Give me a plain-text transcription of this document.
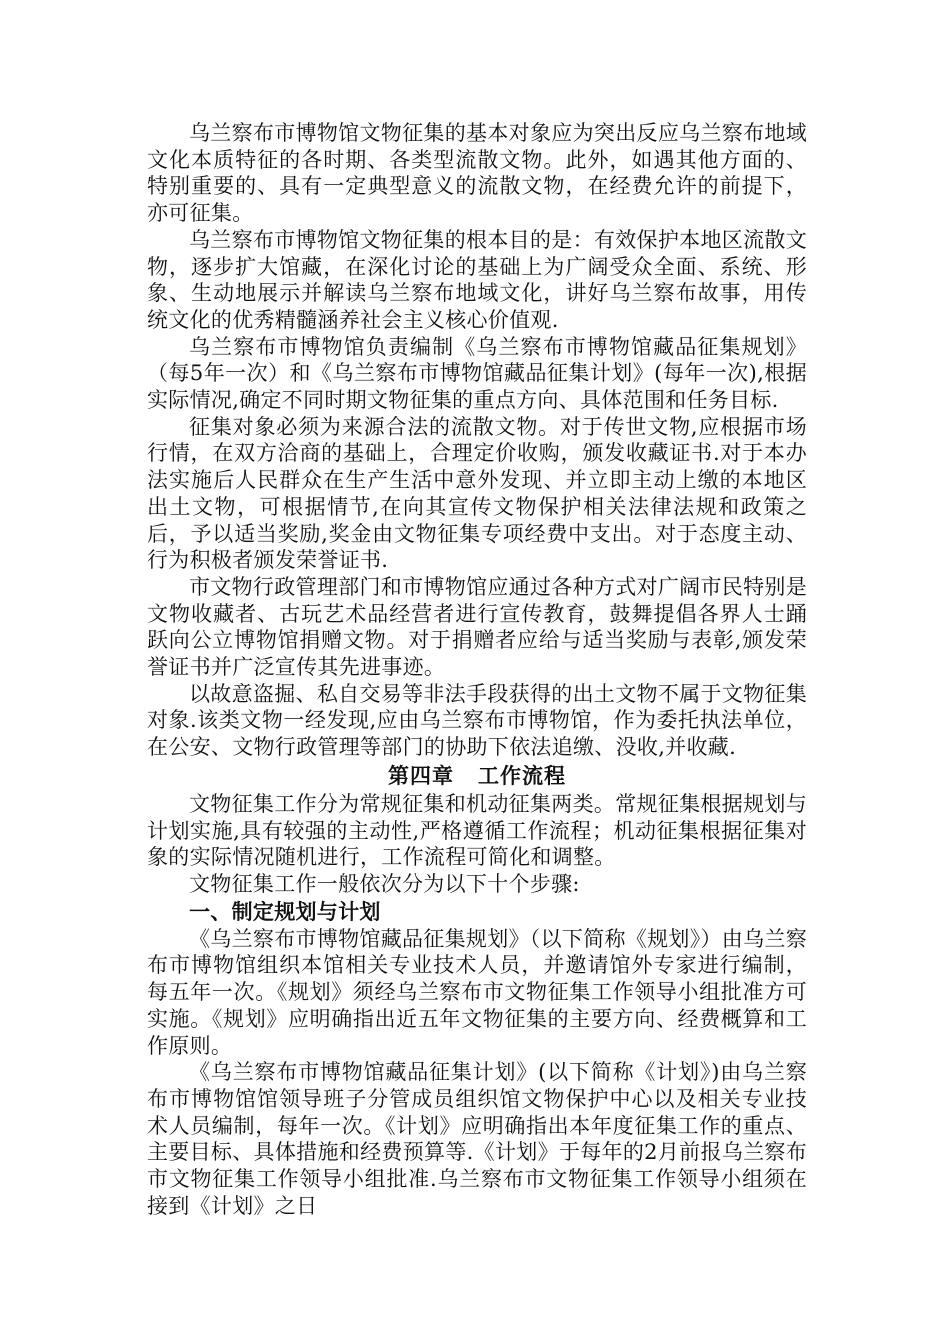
乌兰察布市博物馆文物征集的基本对象应为突出反应乌兰察布地域文化本质特征的各时期、各类型流散文物。此外，如遇其他方面的、特别重要的、具有一定典型意义的流散文物，在经费允许的前提下，亦可征集。

乌兰察布市博物馆文物征集的根本目的是：有效保护本地区流散文物，逐步扩大馆藏，在深化讨论的基础上为广阔受众全面、系统、形象、生动地展示并解读乌兰察布地域文化，讲好乌兰察布故事，用传统文化的优秀精髓涵养社会主义核心价值观.

乌兰察布市博物馆负责编制《乌兰察布市博物馆藏品征集规划》（每5年一次）和《乌兰察布市博物馆藏品征集计划》(每年一次),根据实际情况,确定不同时期文物征集的重点方向、具体范围和任务目标.

征集对象必须为来源合法的流散文物。对于传世文物,应根据市场行情，在双方洽商的基础上，合理定价收购，颁发收藏证书.对于本办法实施后人民群众在生产生活中意外发现、并立即主动上缴的本地区出土文物，可根据情节,在向其宣传文物保护相关法律法规和政策之后，予以适当奖励,奖金由文物征集专项经费中支出。对于态度主动、行为积极者颁发荣誉证书.

市文物行政管理部门和市博物馆应通过各种方式对广阔市民特别是文物收藏者、古玩艺术品经营者进行宣传教育，鼓舞提倡各界人士踊跃向公立博物馆捐赠文物。对于捐赠者应给与适当奖励与表彰,颁发荣誉证书并广泛宣传其先进事迹。

以故意盗掘、私自交易等非法手段获得的出土文物不属于文物征集对象.该类文物一经发现,应由乌兰察布市博物馆，作为委托执法单位，在公安、文物行政管理等部门的协助下依法追缴、没收,并收藏.

第四章 工作流程

文物征集工作分为常规征集和机动征集两类。常规征集根据规划与计划实施,具有较强的主动性,严格遵循工作流程；机动征集根据征集对象的实际情况随机进行，工作流程可简化和调整。

文物征集工作一般依次分为以下十个步骤:

一、制定规划与计划

《乌兰察布市博物馆藏品征集规划》（以下简称《规划》）由乌兰察布市博物馆组织本馆相关专业技术人员，并邀请馆外专家进行编制，每五年一次。《规划》须经乌兰察布市文物征集工作领导小组批准方可实施。《规划》应明确指出近五年文物征集的主要方向、经费概算和工作原则。

《乌兰察布市博物馆藏品征集计划》(以下简称《计划》)由乌兰察布市博物馆馆领导班子分管成员组织馆文物保护中心以及相关专业技术人员编制，每年一次。《计划》应明确指出本年度征集工作的重点、主要目标、具体措施和经费预算等.《计划》于每年的2月前报乌兰察布市文物征集工作领导小组批准.乌兰察布市文物征集工作领导小组须在接到《计划》之日
